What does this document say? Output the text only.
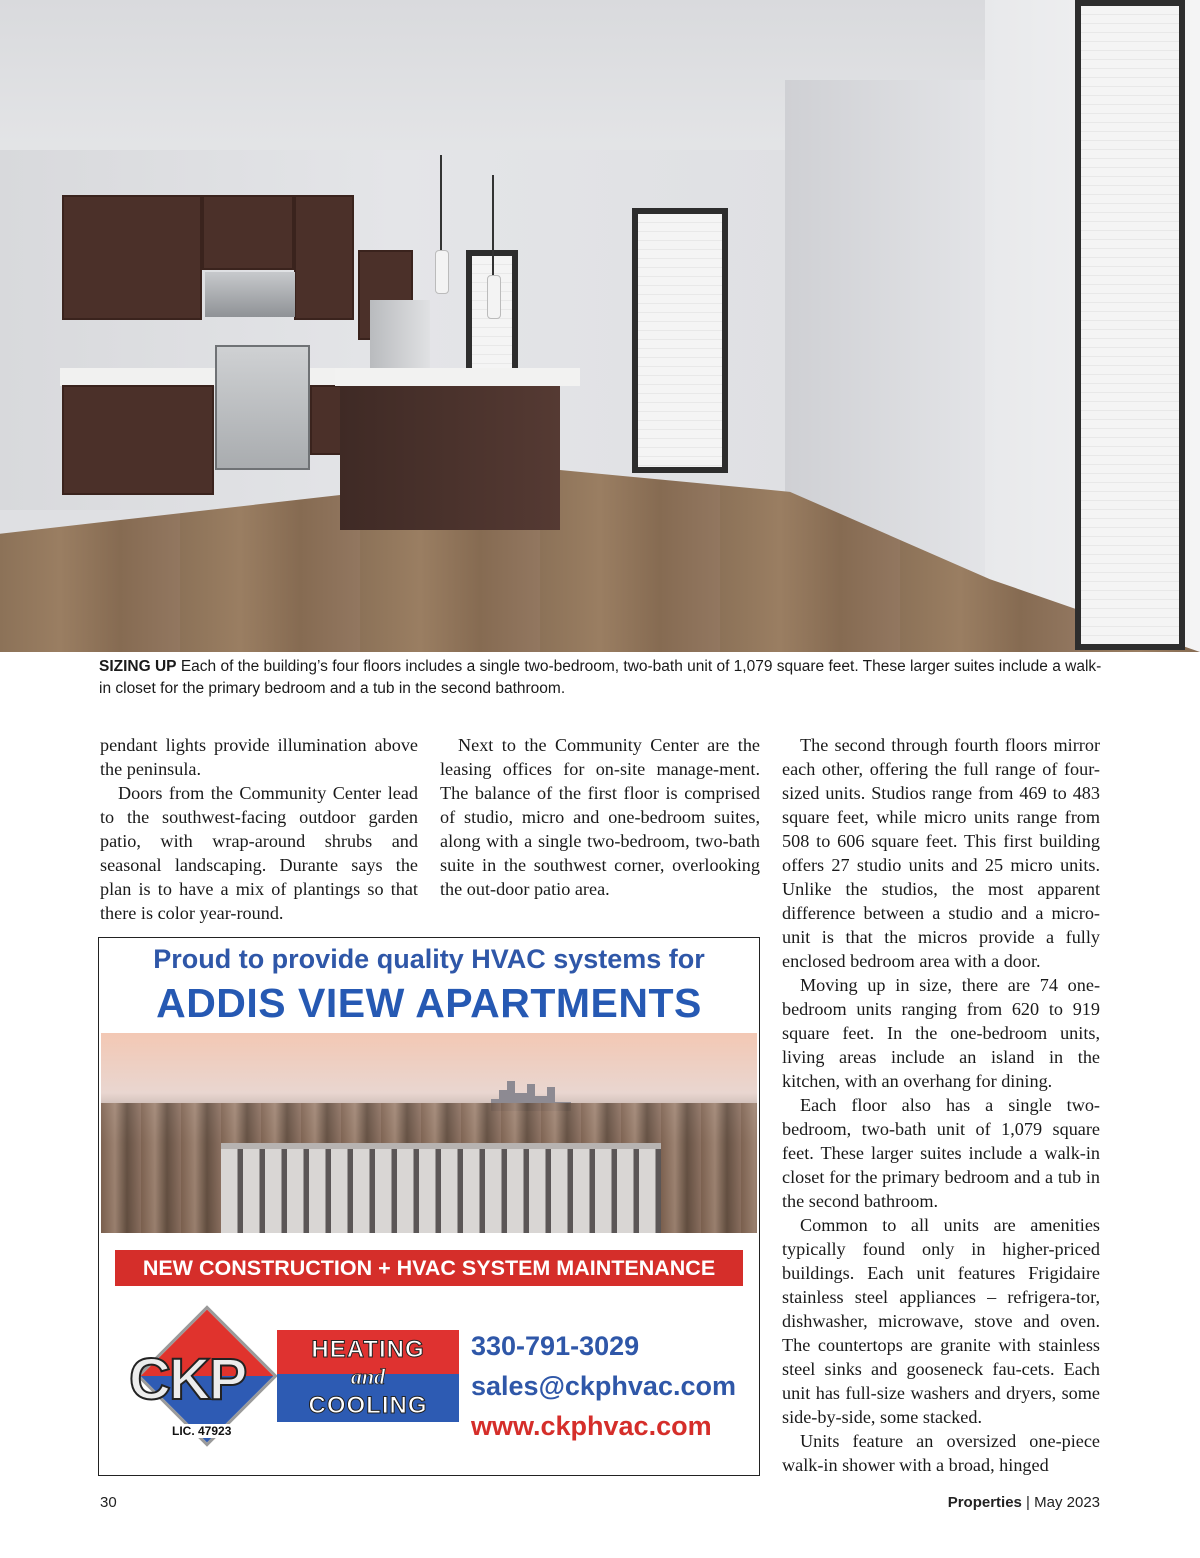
SIZING UP Each of the building’s four floors includes a single two-bedroom, two-bath unit of 1,079 square feet. These larger suites include a walk-in closet for the primary bedroom and a tub in the second bathroom.

pendant lights provide illumination above the peninsula.

Doors from the Community Center lead to the southwest-facing outdoor garden patio, with wrap-around shrubs and seasonal landscaping. Durante says the plan is to have a mix of plantings so that there is color year-round.

Next to the Community Center are the leasing offices for on-site manage-ment. The balance of the first floor is comprised of studio, micro and one-bedroom suites, along with a single two-bedroom, two-bath suite in the southwest corner, overlooking the out-door patio area.

The second through fourth floors mirror each other, offering the full range of four-sized units. Studios range from 469 to 483 square feet, while micro units range from 508 to 606 square feet. This first building offers 27 studio units and 25 micro units. Unlike the studios, the most apparent difference between a studio and a micro-unit is that the micros provide a fully enclosed bedroom area with a door.

Moving up in size, there are 74 one-bedroom units ranging from 620 to 919 square feet. In the one-bedroom units, living areas include an island in the kitchen, with an overhang for dining.

Each floor also has a single two-bedroom, two-bath unit of 1,079 square feet. These larger suites include a walk-in closet for the primary bedroom and a tub in the second bathroom.

Common to all units are amenities typically found only in higher-priced buildings. Each unit features Frigidaire stainless steel appliances – refrigera-tor, dishwasher, microwave, stove and oven. The countertops are granite with stainless steel sinks and gooseneck fau-cets. Each unit has full-size washers and dryers, some side-by-side, some stacked.

Units feature an oversized one-piece walk-in shower with a broad, hinged

Proud to provide quality HVAC systems for
ADDIS VIEW APARTMENTS
NEW CONSTRUCTION + HVAC SYSTEM MAINTENANCE
CKP
LIC. 47923
HEATING
and
COOLING
330-791-3029
sales@ckphvac.com
www.ckphvac.com
30	Properties | May 2023
